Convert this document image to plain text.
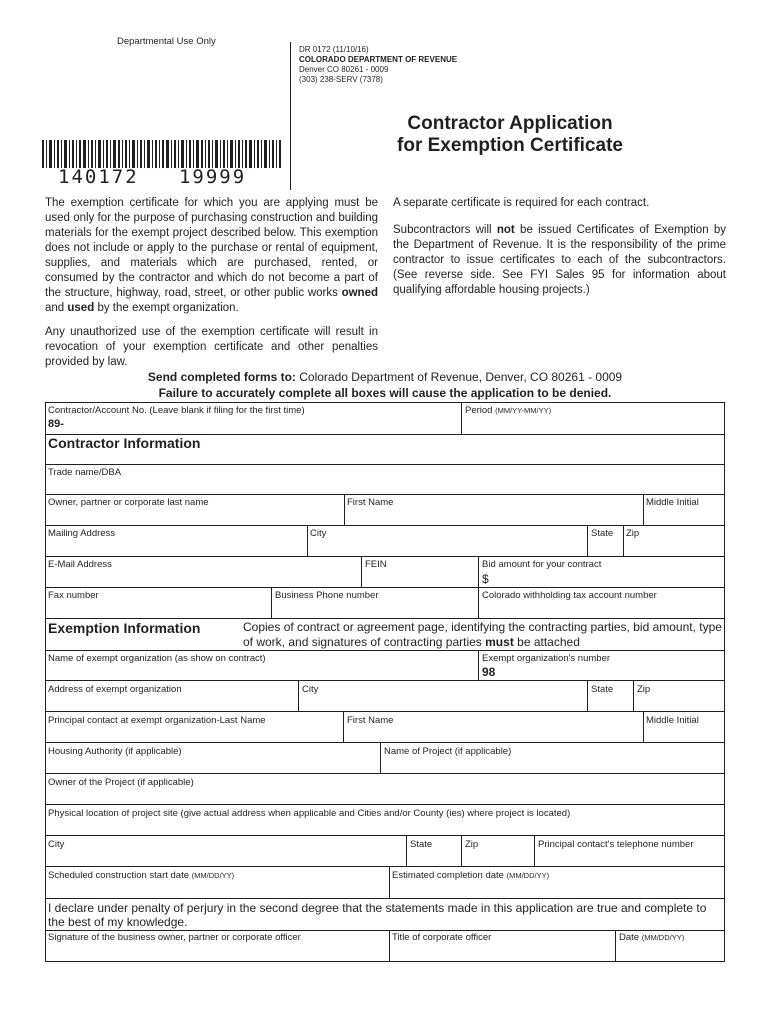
Departmental Use Only
DR 0172 (11/10/16)
COLORADO DEPARTMENT OF REVENUE
Denver CO 80261 - 0009
(303) 238-SERV (7378)
Contractor Application
for Exemption Certificate
140172   19999

The exemption certificate for which you are applying must be used only for the purpose of purchasing construction and building materials for the exempt project described below. This exemption does not include or apply to the purchase or rental of equipment, supplies, and materials which are purchased, rented, or consumed by the contractor and which do not become a part of the structure, highway, road, street, or other public works owned and used by the exempt organization.

Any unauthorized use of the exemption certificate will result in revocation of your exemption certificate and other penalties provided by law.

A separate certificate is required for each contract.

Subcontractors will not be issued Certificates of Exemption by the Department of Revenue. It is the responsibility of the prime contractor to issue certificates to each of the subcontractors. (See reverse side. See FYI Sales 95 for information about qualifying affordable housing projects.)

Send completed forms to: Colorado Department of Revenue, Denver, CO 80261 - 0009
Failure to accurately complete all boxes will cause the application to be denied.
Contractor/Account No. (Leave blank if filing for the first time)
89-
Period (MM/YY-MM/YY)
Contractor Information
Trade name/DBA
Owner, partner or corporate last name	First Name	Middle Initial
Mailing Address	City	State Zip
E-Mail Address	FEIN	Bid amount for your contract
$
Fax number	Business Phone number	Colorado withholding tax account number
Exemption Information	Copies of contract or agreement page, identifying the contracting parties, bid amount, type of work, and signatures of contracting parties must be attached
Name of exempt organization (as show on contract)	Exempt organization's number
98
Address of exempt organization	City	State	Zip
Principal contact at exempt organization-Last Name	First Name	Middle Initial
Housing Authority (if applicable)	Name of Project (if applicable)
Owner of the Project (if applicable)
Physical location of project site (give actual address when applicable and Cities and/or County (ies) where project is located)
City	State	Zip	Principal contact's telephone number
Scheduled construction start date (MM/DD/YY)	Estimated completion date (MM/DD/YY)
I declare under penalty of perjury in the second degree that the statements made in this application are true and complete to the best of my knowledge.
Signature of the business owner, partner or corporate officer	Title of corporate officer	Date (MM/DD/YY)
